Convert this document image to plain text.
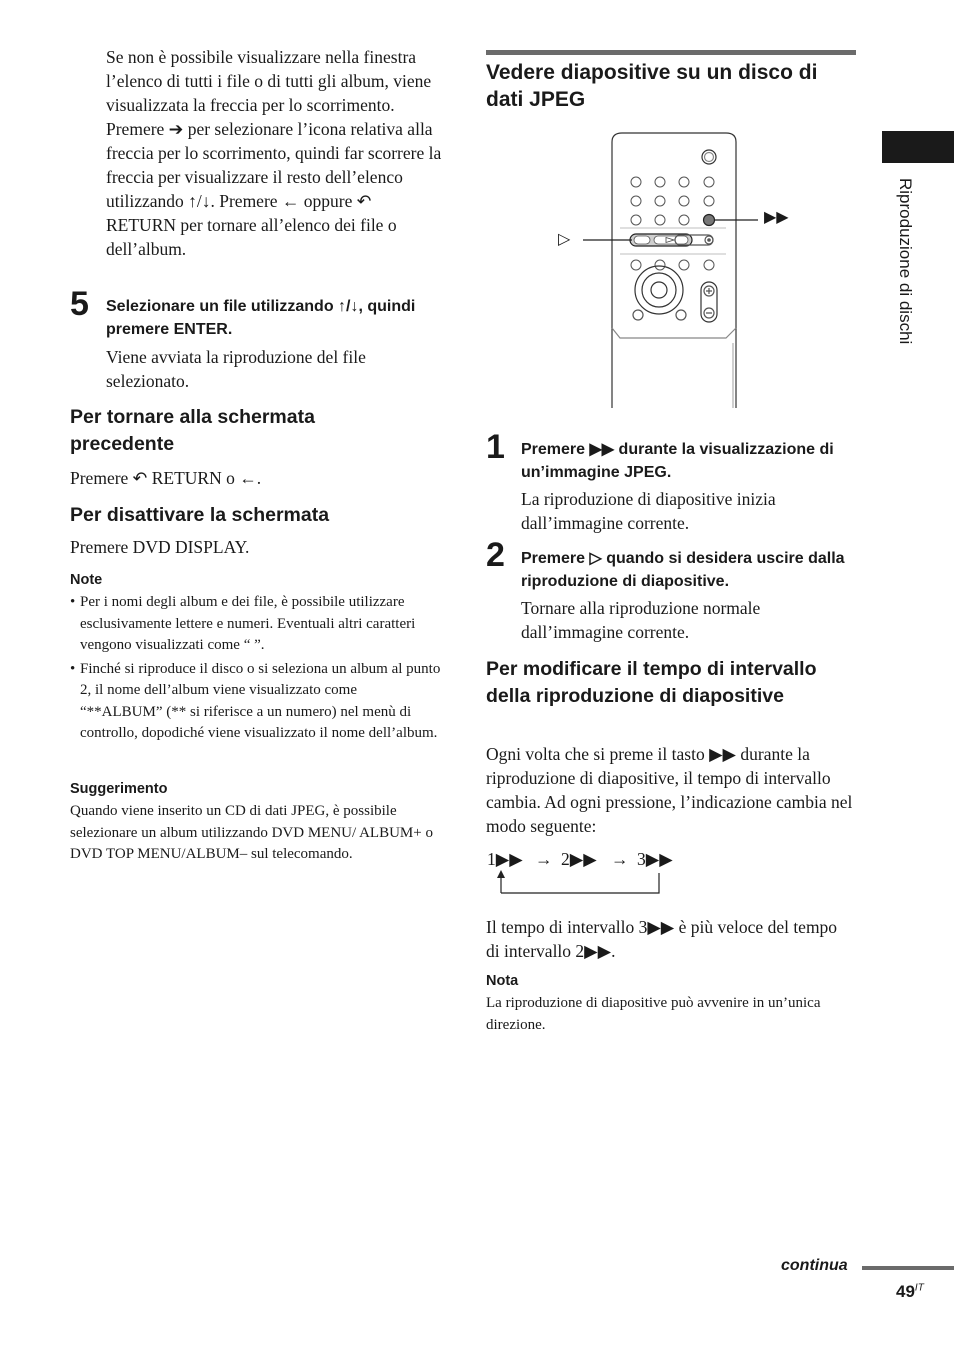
Se non è possibile visualizzare nella finestra l’elenco di tutti i file o di tutti gli album, viene visualizzata la freccia per lo scorrimento. Premere ➔ per selezionare l’icona relativa alla freccia per lo scorrimento, quindi far scorrere la freccia per visualizzare il resto dell’elenco utilizzando ↑/↓. Premere ← oppure ↶ RETURN per tornare all’elenco dei file o dell’album.

5 Selezionare un file utilizzando ↑/↓, quindi premere ENTER.

Viene avviata la riproduzione del file selezionato.

Per tornare alla schermata precedente

Premere ↶ RETURN o ←.

Per disattivare la schermata

Premere DVD DISPLAY.

Note

• Per i nomi degli album e dei file, è possibile utilizzare esclusivamente lettere e numeri. Eventuali altri caratteri vengono visualizzati come “ ”.
• Finché si riproduce il disco o si seleziona un album al punto 2, il nome dell’album viene visualizzato come “**ALBUM” (** si riferisce a un numero) nel menù di controllo, dopodiché viene visualizzato il nome dell’album.

Suggerimento

Quando viene inserito un CD di dati JPEG, è possibile selezionare un album utilizzando DVD MENU/ ALBUM+ o DVD TOP MENU/ALBUM– sul telecomando.

Vedere diapositive su un disco di dati JPEG

▶▶
▷
1 Premere ▶▶ durante la visualizzazione di un’immagine JPEG.

La riproduzione di diapositive inizia dall’immagine corrente.

2 Premere ▷ quando si desidera uscire dalla riproduzione di diapositive.

Tornare alla riproduzione normale dall’immagine corrente.

Per modificare il tempo di intervallo della riproduzione di diapositive

Ogni volta che si preme il tasto ▶▶ durante la riproduzione di diapositive, il tempo di intervallo cambia. Ad ogni pressione, l’indicazione cambia nel modo seguente:

1▶▶ → 2▶▶ → 3▶▶

Il tempo di intervallo 3▶▶ è più veloce del tempo di intervallo 2▶▶.

Nota

La riproduzione di diapositive può avvenire in un’unica direzione.

Riproduzione di dischi
continua
$49^{IT}$
